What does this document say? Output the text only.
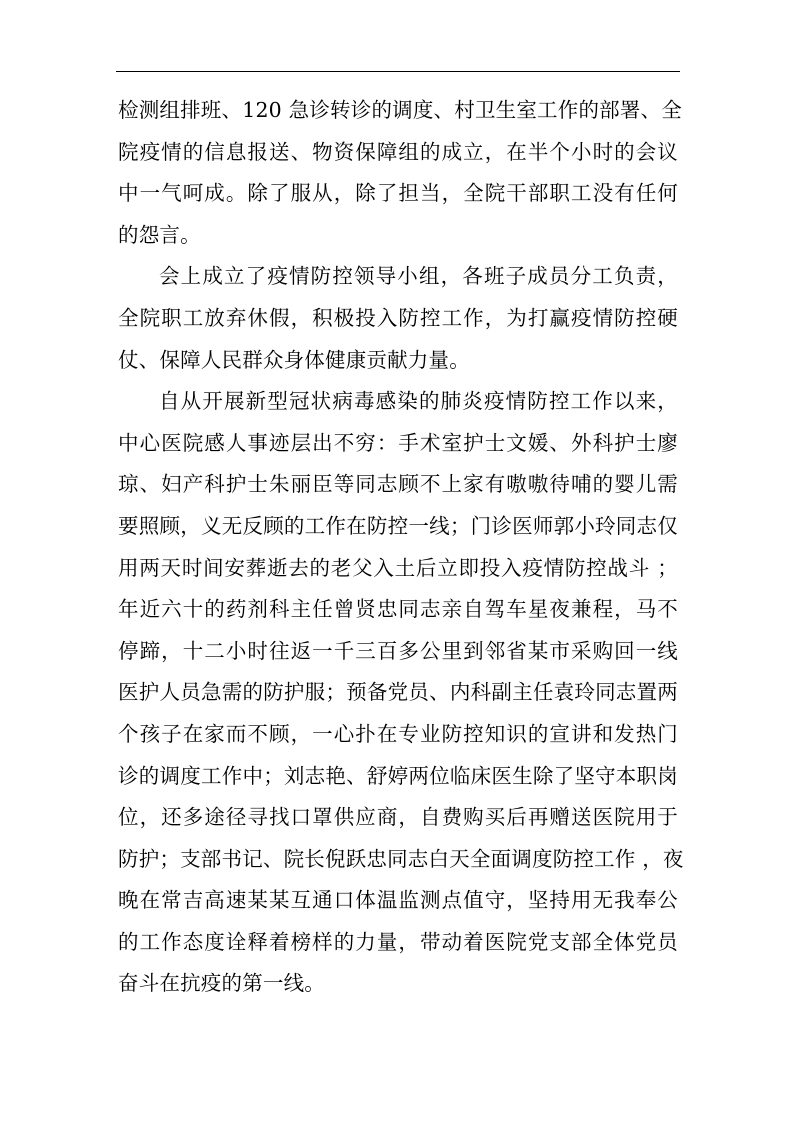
检测组排班、120 急诊转诊的调度、村卫生室工作的部署、全
院疫情的信息报送、物资保障组的成立，在半个小时的会议
中一气呵成。除了服从，除了担当，全院干部职工没有任何
的怨言。
会上成立了疫情防控领导小组，各班子成员分工负责，
全院职工放弃休假，积极投入防控工作，为打赢疫情防控硬
仗、保障人民群众身体健康贡献力量。
自从开展新型冠状病毒感染的肺炎疫情防控工作以来，
中心医院感人事迹层出不穷：手术室护士文媛、外科护士廖
琼、妇产科护士朱丽臣等同志顾不上家有嗷嗷待哺的婴儿需
要照顾，义无反顾的工作在防控一线；门诊医师郭小玲同志仅
用两天时间安葬逝去的老父入土后立即投入疫情防控战斗 ；
年近六十的药剂科主任曾贤忠同志亲自驾车星夜兼程，马不
停蹄，十二小时往返一千三百多公里到邻省某市采购回一线
医护人员急需的防护服；预备党员、内科副主任袁玲同志置两
个孩子在家而不顾，一心扑在专业防控知识的宣讲和发热门
诊的调度工作中；刘志艳、舒婷两位临床医生除了坚守本职岗
位，还多途径寻找口罩供应商，自费购买后再赠送医院用于
防护；支部书记、院长倪跃忠同志白天全面调度防控工作 ，夜
晚在常吉高速某某互通口体温监测点值守，坚持用无我奉公
的工作态度诠释着榜样的力量，带动着医院党支部全体党员
奋斗在抗疫的第一线。
